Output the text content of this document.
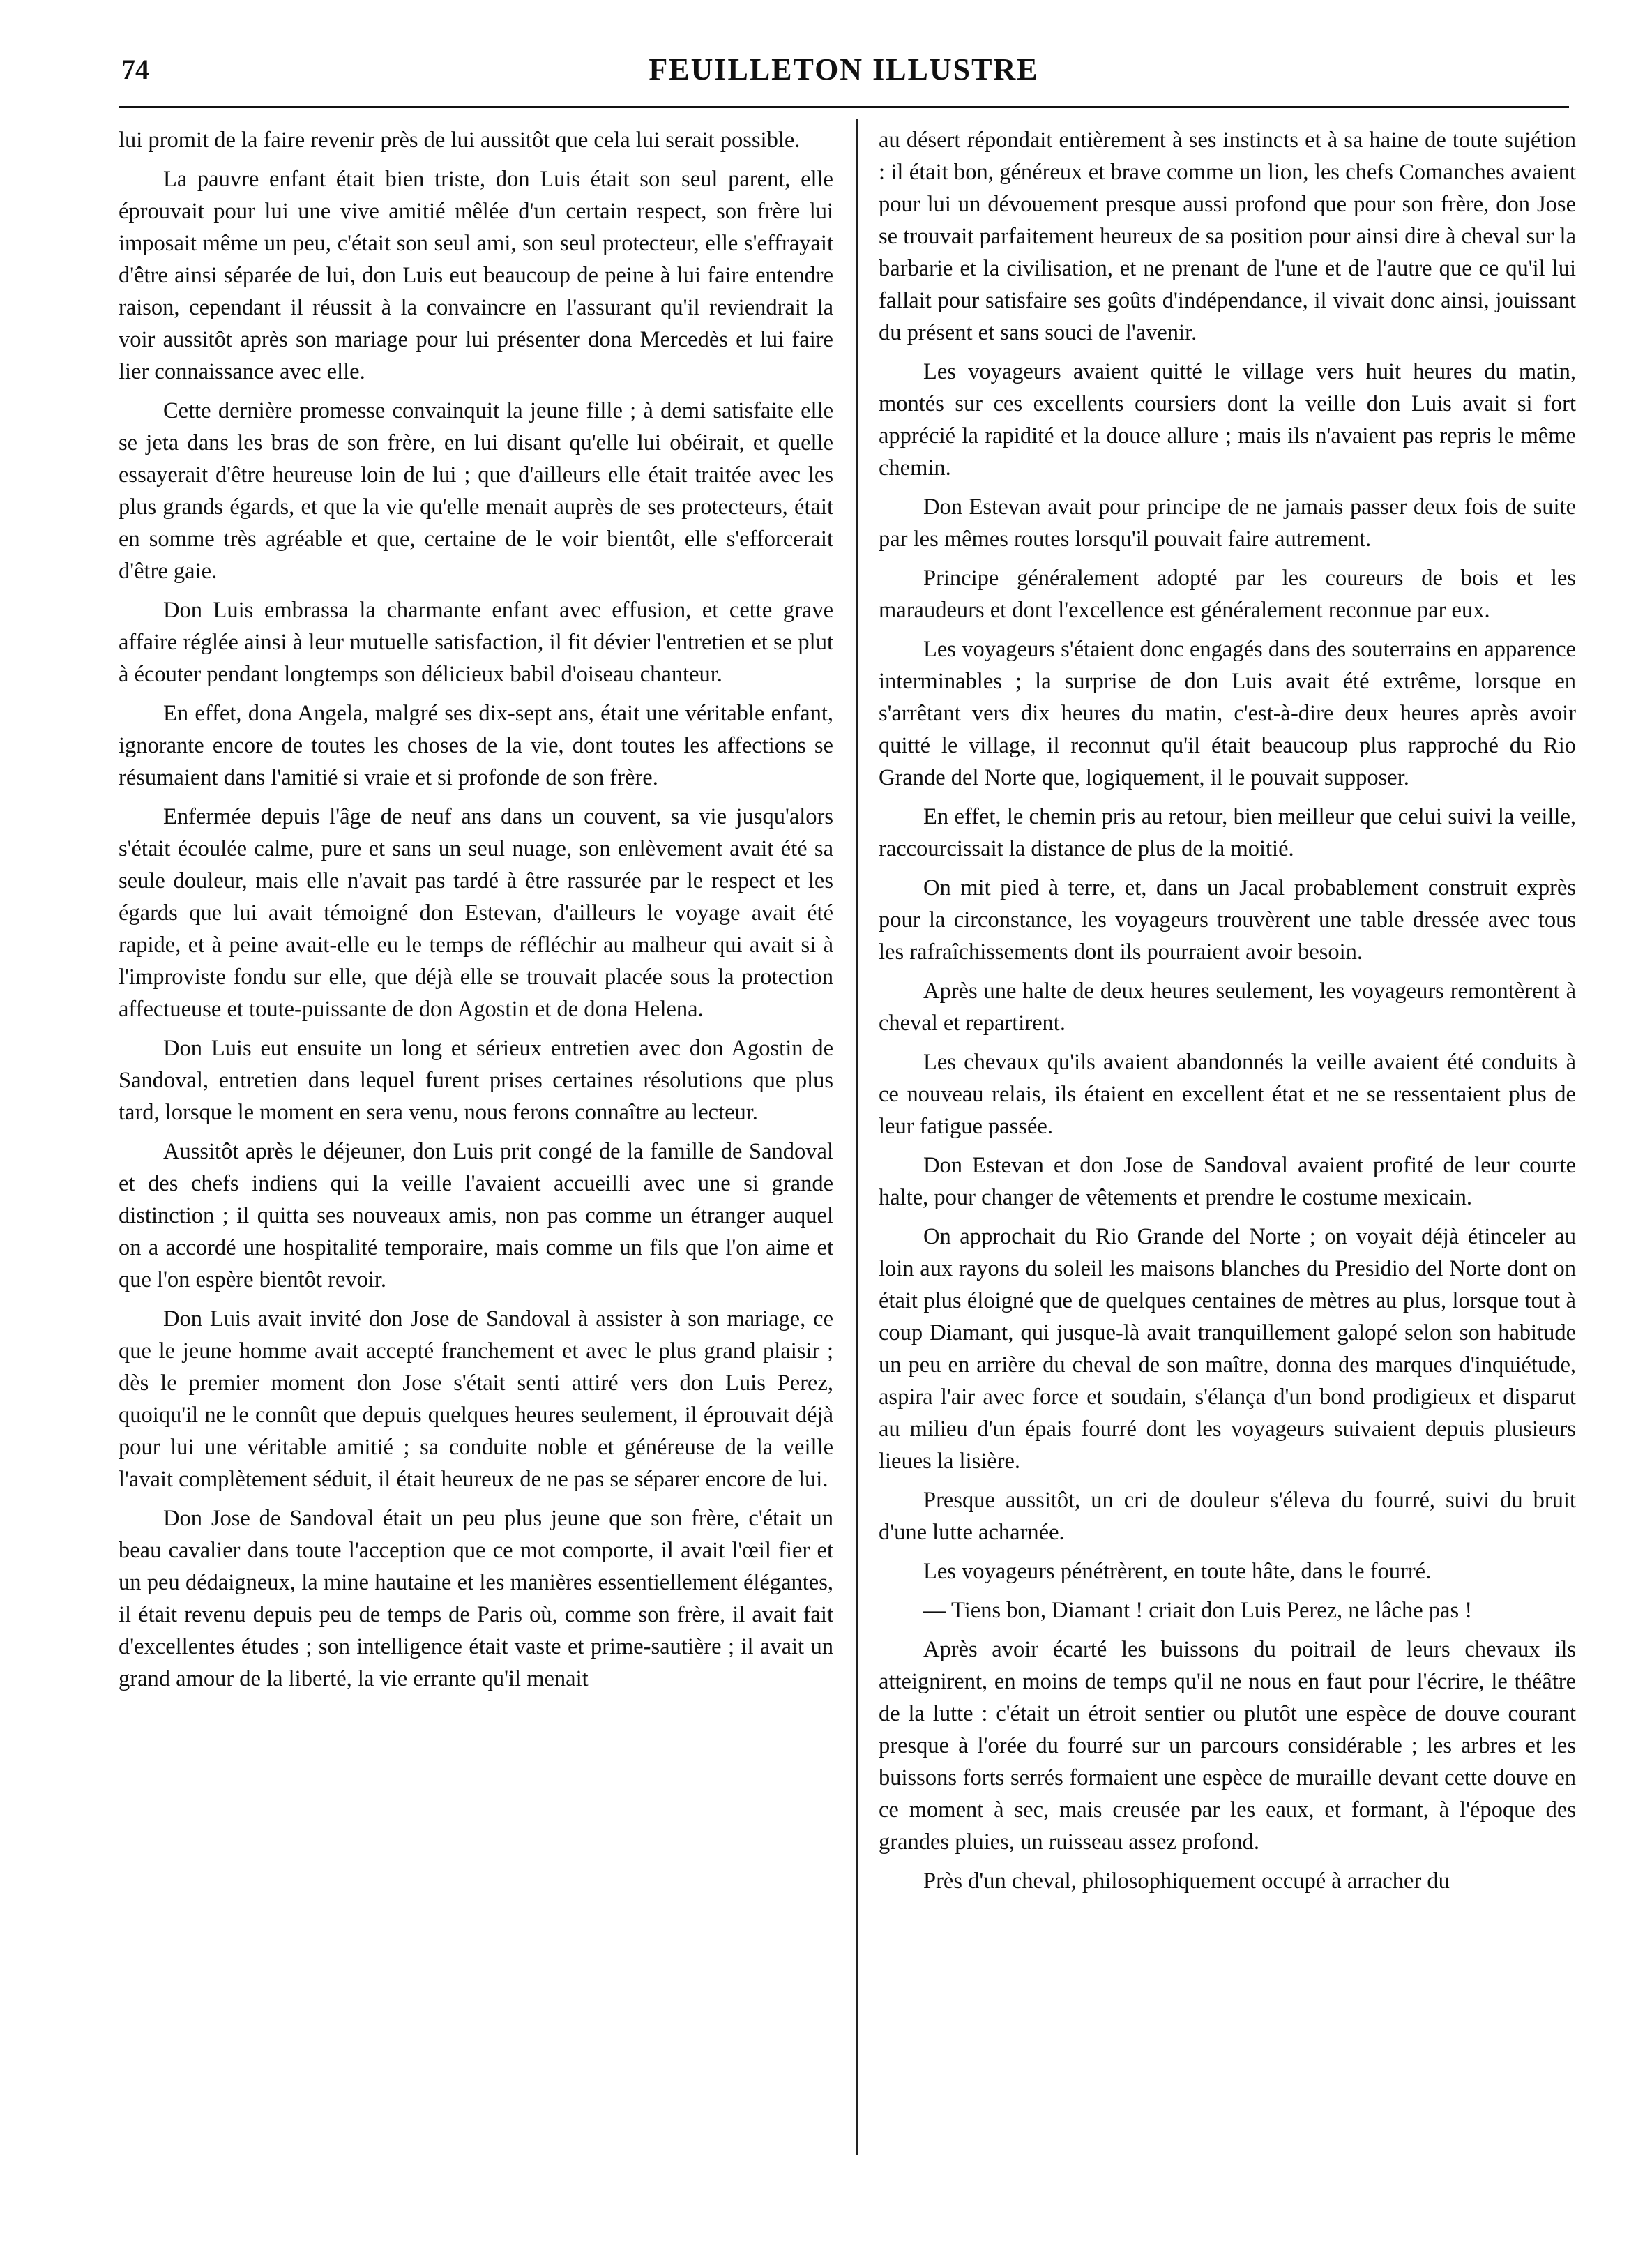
74	FEUILLETON ILLUSTRE

lui promit de la faire revenir près de lui aussitôt que cela lui serait possible.

La pauvre enfant était bien triste, don Luis était son seul parent, elle éprouvait pour lui une vive amitié mêlée d'un certain respect, son frère lui imposait même un peu, c'était son seul ami, son seul protecteur, elle s'effrayait d'être ainsi séparée de lui, don Luis eut beaucoup de peine à lui faire entendre raison, cependant il réussit à la convaincre en l'assurant qu'il reviendrait la voir aussitôt après son mariage pour lui présenter dona Mercedès et lui faire lier connaissance avec elle.

Cette dernière promesse convainquit la jeune fille ; à demi satisfaite elle se jeta dans les bras de son frère, en lui disant qu'elle lui obéirait, et quelle essayerait d'être heureuse loin de lui ; que d'ailleurs elle était traitée avec les plus grands égards, et que la vie qu'elle menait auprès de ses protecteurs, était en somme très agréable et que, certaine de le voir bientôt, elle s'efforcerait d'être gaie.

Don Luis embrassa la charmante enfant avec effusion, et cette grave affaire réglée ainsi à leur mutuelle satisfaction, il fit dévier l'entretien et se plut à écouter pendant longtemps son délicieux babil d'oiseau chanteur.

En effet, dona Angela, malgré ses dix-sept ans, était une véritable enfant, ignorante encore de toutes les choses de la vie, dont toutes les affections se résumaient dans l'amitié si vraie et si profonde de son frère.

Enfermée depuis l'âge de neuf ans dans un couvent, sa vie jusqu'alors s'était écoulée calme, pure et sans un seul nuage, son enlèvement avait été sa seule douleur, mais elle n'avait pas tardé à être rassurée par le respect et les égards que lui avait témoigné don Estevan, d'ailleurs le voyage avait été rapide, et à peine avait-elle eu le temps de réfléchir au malheur qui avait si à l'improviste fondu sur elle, que déjà elle se trouvait placée sous la protection affectueuse et toute-puissante de don Agostin et de dona Helena.

Don Luis eut ensuite un long et sérieux entretien avec don Agostin de Sandoval, entretien dans lequel furent prises certaines résolutions que plus tard, lorsque le moment en sera venu, nous ferons connaître au lecteur.

Aussitôt après le déjeuner, don Luis prit congé de la famille de Sandoval et des chefs indiens qui la veille l'avaient accueilli avec une si grande distinction ; il quitta ses nouveaux amis, non pas comme un étranger auquel on a accordé une hospitalité temporaire, mais comme un fils que l'on aime et que l'on espère bientôt revoir.

Don Luis avait invité don Jose de Sandoval à assister à son mariage, ce que le jeune homme avait accepté franchement et avec le plus grand plaisir ; dès le premier moment don Jose s'était senti attiré vers don Luis Perez, quoiqu'il ne le connût que depuis quelques heures seulement, il éprouvait déjà pour lui une véritable amitié ; sa conduite noble et généreuse de la veille l'avait complètement séduit, il était heureux de ne pas se séparer encore de lui.

Don Jose de Sandoval était un peu plus jeune que son frère, c'était un beau cavalier dans toute l'acception que ce mot comporte, il avait l'œil fier et un peu dédaigneux, la mine hautaine et les manières essentiellement élégantes, il était revenu depuis peu de temps de Paris où, comme son frère, il avait fait d'excellentes études ; son intelligence était vaste et prime-sautière ; il avait un grand amour de la liberté, la vie errante qu'il menait

au désert répondait entièrement à ses instincts et à sa haine de toute sujétion : il était bon, généreux et brave comme un lion, les chefs Comanches avaient pour lui un dévouement presque aussi profond que pour son frère, don Jose se trouvait parfaitement heureux de sa position pour ainsi dire à cheval sur la barbarie et la civilisation, et ne prenant de l'une et de l'autre que ce qu'il lui fallait pour satisfaire ses goûts d'indépendance, il vivait donc ainsi, jouissant du présent et sans souci de l'avenir.

Les voyageurs avaient quitté le village vers huit heures du matin, montés sur ces excellents coursiers dont la veille don Luis avait si fort apprécié la rapidité et la douce allure ; mais ils n'avaient pas repris le même chemin.

Don Estevan avait pour principe de ne jamais passer deux fois de suite par les mêmes routes lorsqu'il pouvait faire autrement.

Principe généralement adopté par les coureurs de bois et les maraudeurs et dont l'excellence est généralement reconnue par eux.

Les voyageurs s'étaient donc engagés dans des souterrains en apparence interminables ; la surprise de don Luis avait été extrême, lorsque en s'arrêtant vers dix heures du matin, c'est-à-dire deux heures après avoir quitté le village, il reconnut qu'il était beaucoup plus rapproché du Rio Grande del Norte que, logiquement, il le pouvait supposer.

En effet, le chemin pris au retour, bien meilleur que celui suivi la veille, raccourcissait la distance de plus de la moitié.

On mit pied à terre, et, dans un Jacal probablement construit exprès pour la circonstance, les voyageurs trouvèrent une table dressée avec tous les rafraîchissements dont ils pourraient avoir besoin.

Après une halte de deux heures seulement, les voyageurs remontèrent à cheval et repartirent.

Les chevaux qu'ils avaient abandonnés la veille avaient été conduits à ce nouveau relais, ils étaient en excellent état et ne se ressentaient plus de leur fatigue passée.

Don Estevan et don Jose de Sandoval avaient profité de leur courte halte, pour changer de vêtements et prendre le costume mexicain.

On approchait du Rio Grande del Norte ; on voyait déjà étinceler au loin aux rayons du soleil les maisons blanches du Presidio del Norte dont on était plus éloigné que de quelques centaines de mètres au plus, lorsque tout à coup Diamant, qui jusque-là avait tranquillement galopé selon son habitude un peu en arrière du cheval de son maître, donna des marques d'inquiétude, aspira l'air avec force et soudain, s'élança d'un bond prodigieux et disparut au milieu d'un épais fourré dont les voyageurs suivaient depuis plusieurs lieues la lisière.

Presque aussitôt, un cri de douleur s'éleva du fourré, suivi du bruit d'une lutte acharnée.

Les voyageurs pénétrèrent, en toute hâte, dans le fourré.

— Tiens bon, Diamant ! criait don Luis Perez, ne lâche pas !

Après avoir écarté les buissons du poitrail de leurs chevaux ils atteignirent, en moins de temps qu'il ne nous en faut pour l'écrire, le théâtre de la lutte : c'était un étroit sentier ou plutôt une espèce de douve courant presque à l'orée du fourré sur un parcours considérable ; les arbres et les buissons forts serrés formaient une espèce de muraille devant cette douve en ce moment à sec, mais creusée par les eaux, et formant, à l'époque des grandes pluies, un ruisseau assez profond.

Près d'un cheval, philosophiquement occupé à arracher du
